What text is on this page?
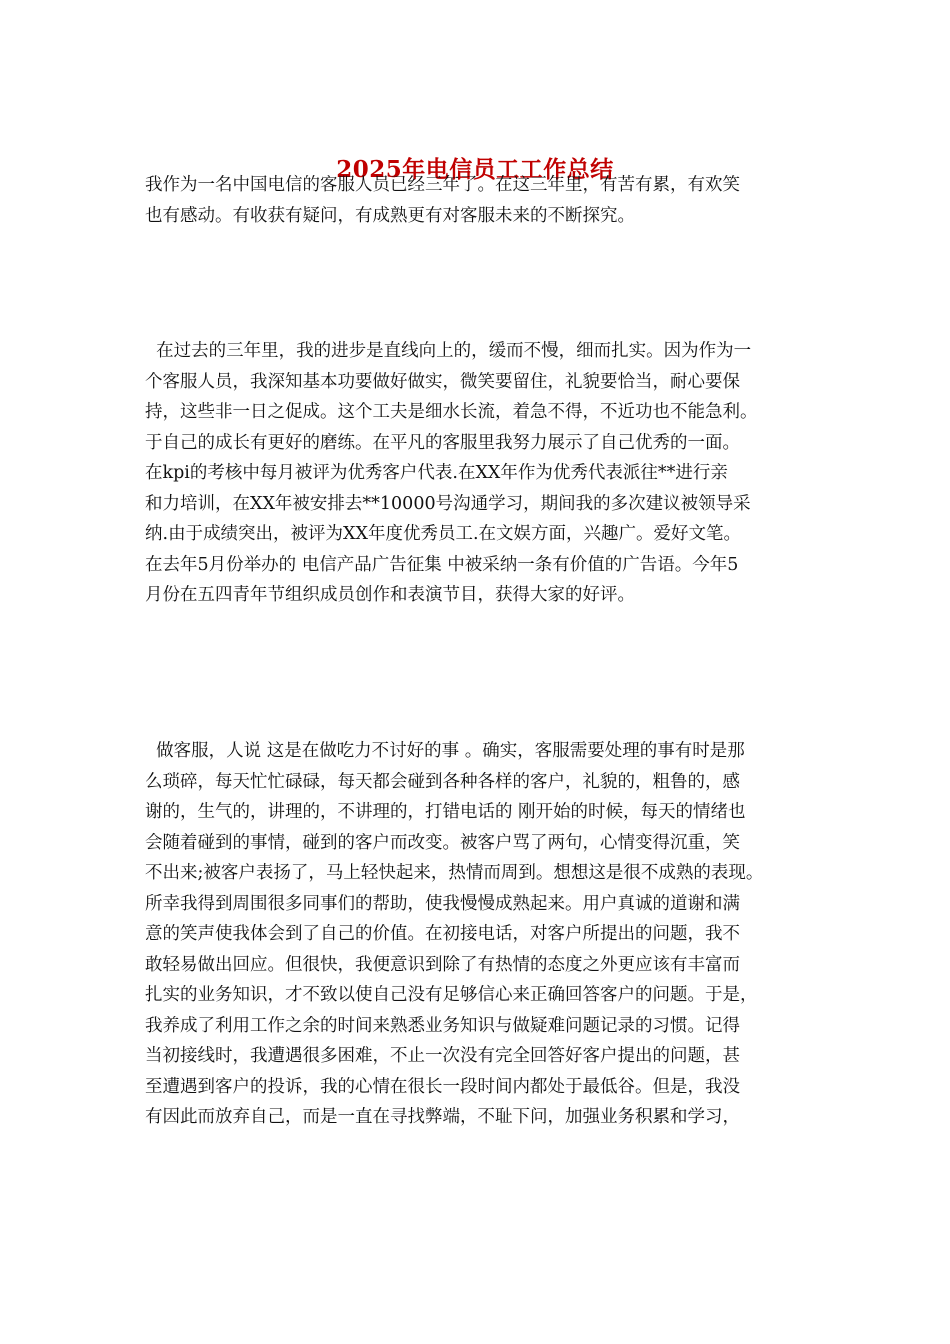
2025年电信员工工作总结
我作为一名中国电信的客服人员已经三年了。在这三年里，有苦有累，有欢笑
也有感动。有收获有疑问，有成熟更有对客服未来的不断探究。
在过去的三年里，我的进步是直线向上的，缓而不慢，细而扎实。因为作为一
个客服人员，我深知基本功要做好做实，微笑要留住，礼貌要恰当，耐心要保
持，这些非一日之促成。这个工夫是细水长流，着急不得，不近功也不能急利。
于自己的成长有更好的磨练。在平凡的客服里我努力展示了自己优秀的一面。
在kpi的考核中每月被评为优秀客户代表.在XX年作为优秀代表派往**进行亲
和力培训，在XX年被安排去**10000号沟通学习，期间我的多次建议被领导采
纳.由于成绩突出，被评为XX年度优秀员工.在文娱方面，兴趣广。爱好文笔。
在去年5月份举办的 电信产品广告征集 中被采纳一条有价值的广告语。今年5
月份在五四青年节组织成员创作和表演节目，获得大家的好评。
做客服，人说 这是在做吃力不讨好的事 。确实，客服需要处理的事有时是那
么琐碎，每天忙忙碌碌，每天都会碰到各种各样的客户，礼貌的，粗鲁的，感
谢的，生气的，讲理的，不讲理的，打错电话的 刚开始的时候，每天的情绪也
会随着碰到的事情，碰到的客户而改变。被客户骂了两句，心情变得沉重，笑
不出来;被客户表扬了，马上轻快起来，热情而周到。想想这是很不成熟的表现。
所幸我得到周围很多同事们的帮助，使我慢慢成熟起来。用户真诚的道谢和满
意的笑声使我体会到了自己的价值。在初接电话，对客户所提出的问题，我不
敢轻易做出回应。但很快，我便意识到除了有热情的态度之外更应该有丰富而
扎实的业务知识，才不致以使自己没有足够信心来正确回答客户的问题。于是，
我养成了利用工作之余的时间来熟悉业务知识与做疑难问题记录的习惯。记得
当初接线时，我遭遇很多困难，不止一次没有完全回答好客户提出的问题，甚
至遭遇到客户的投诉，我的心情在很长一段时间内都处于最低谷。但是，我没
有因此而放弃自己，而是一直在寻找弊端，不耻下问，加强业务积累和学习，
